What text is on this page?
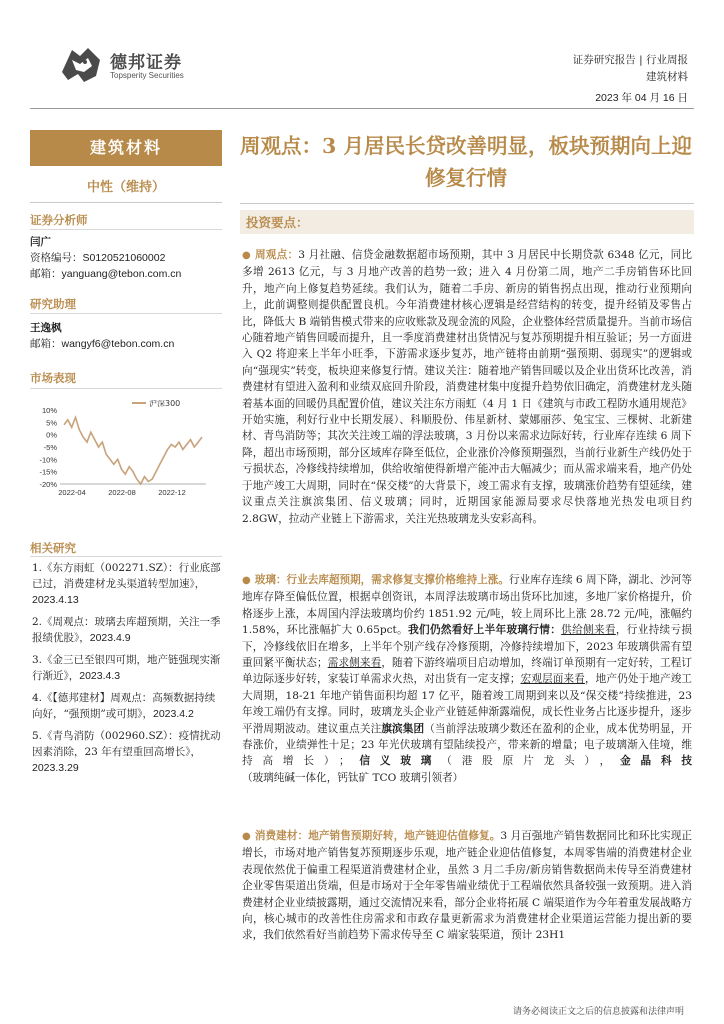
德邦证券
Topsperity Securities
证券研究报告 | 行业周报
建筑材料
2023 年 04 月 16 日
建筑材料
中性（维持）
证券分析师
闫广
资格编号：S0120521060002
邮箱：yanguang@tebon.com.cn
研究助理
王逸枫
邮箱：wangyf6@tebon.com.cn
市场表现
10%
5%
0%
-5%
-10%
-15%
-20%
2022-04	2022-08	2022-12
沪深300
相关研究
1.《东方雨虹（002271.SZ）：行业底部已过，消费建材龙头渠道转型加速》，2023.4.13
2.《周观点：玻璃去库超预期，关注一季报绩优股》，2023.4.9
3.《金三已至银四可期，地产链强现实渐行渐近》，2023.4.3
4.《【德邦建材】周观点：高频数据持续向好，“强预期”或可期》，2023.4.2
5.《青鸟消防（002960.SZ）：疫情扰动因素消除，23 年有望重回高增长》，2023.3.29
周观点：3 月居民长贷改善明显，板块预期向上迎修复行情
投资要点：
● 周观点：3 月社融、信贷金融数据超市场预期，其中 3 月居民中长期贷款 6348 亿元，同比多增 2613 亿元，与 3 月地产改善的趋势一致；进入 4 月份第二周，地产二手房销售环比回升，地产向上修复趋势延续。我们认为，随着二手房、新房的销售拐点出现，推动行业预期向上，此前调整则提供配置良机。今年消费建材核心逻辑是经营结构的转变，提升经销及零售占比，降低大 B 端销售模式带来的应收账款及现金流的风险，企业整体经营质量提升。当前市场信心随着地产销售回暖而提升，且一季度消费建材出货情况与复苏预期提升相互验证；另一方面进入 Q2 将迎来上半年小旺季，下游需求逐步复苏，地产链将由前期“强预期、弱现实”的逻辑或向“强现实”转变，板块迎来修复行情。建议关注：随着地产销售回暖以及企业出货环比改善，消费建材有望进入盈利和业绩双底回升阶段，消费建材集中度提升趋势依旧确定，消费建材龙头随着基本面的回暖仍具配置价值，建议关注东方雨虹（4 月 1 日《建筑与市政工程防水通用规范》开始实施，利好行业中长期发展）、科顺股份、伟星新材、蒙娜丽莎、兔宝宝、三棵树、北新建材、青鸟消防等；其次关注竣工端的浮法玻璃，3 月份以来需求边际好转，行业库存连续 6 周下降，超出市场预期，部分区域库存降至低位，企业涨价冷修预期强烈，当前行业新生产线仍处于亏损状态，冷修线持续增加，供给收缩使得新增产能冲击大幅减少；而从需求端来看，地产仍处于地产竣工大周期，同时在“保交楼”的大背景下，竣工需求有支撑，玻璃涨价趋势有望延续，建议重点关注旗滨集团、信义玻璃；同时，近期国家能源局要求尽快落地光热发电项目约 2.8GW，拉动产业链上下游需求，关注光热玻璃龙头安彩高科。
● 玻璃：行业去库超预期，需求修复支撑价格维持上涨。行业库存连续 6 周下降，湖北、沙河等地库存降至偏低位置，根据卓创资讯，本周浮法玻璃市场出货环比加速，多地厂家价格提升，价格逐步上涨，本周国内浮法玻璃均价约 1851.92 元/吨，较上周环比上涨 28.72 元/吨，涨幅约 1.58%，环比涨幅扩大 0.65pct。我们仍然看好上半年玻璃行情：供给侧来看，行业持续亏损下，冷修线依旧在增多，上半年个别产线存冷修预期，冷修持续增加下，2023 年玻璃供需有望重回紧平衡状态；需求侧来看，随着下游终端项目启动增加，终端订单预期有一定好转，工程订单边际逐步好转，家装订单需求火热，对出货有一定支撑；宏观层面来看，地产仍处于地产竣工大周期，18-21 年地产销售面积均超 17 亿平，随着竣工周期到来以及“保交楼”持续推进，23 年竣工端仍有支撑。同时，玻璃龙头企业产业链延伸渐露端倪，成长性业务占比逐步提升，逐步平滑周期波动。建议重点关注旗滨集团（当前浮法玻璃少数还在盈利的企业，成本优势明显，开春涨价，业绩弹性十足；23 年光伏玻璃有望陆续投产，带来新的增量；电子玻璃渐入佳境，维持高增长）；信义玻璃（港股原片龙头），金晶科技（玻璃纯碱一体化，钙钛矿 TCO 玻璃引领者）
● 消费建材：地产销售预期好转，地产链迎估值修复。3 月百强地产销售数据同比和环比实现正增长，市场对地产销售复苏预期逐步乐观，地产链企业迎估值修复，本周零售端的消费建材企业表现依然优于偏重工程渠道消费建材企业，虽然 3 月二手房/新房销售数据尚未传导至消费建材企业零售渠道出货端，但是市场对于全年零售端业绩优于工程端依然具备较强一致预期。进入消费建材企业业绩披露期，通过交流情况来看，部分企业将拓展 C 端渠道作为今年着重发展战略方向，核心城市的改善性住房需求和市政存量更新需求为消费建材企业渠道运营能力提出新的要求，我们依然看好当前趋势下需求传导至 C 端家装渠道，预计 23H1
请务必阅读正文之后的信息披露和法律声明
